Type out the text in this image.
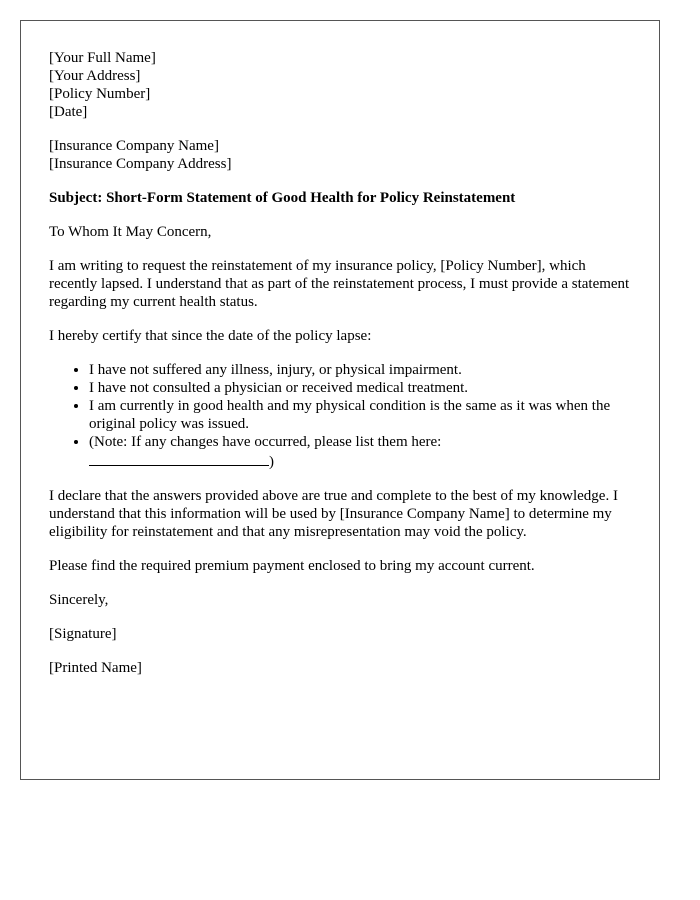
[Your Full Name]
[Your Address]
[Policy Number]
[Date]
[Insurance Company Name]
[Insurance Company Address]

Subject: Short-Form Statement of Good Health for Policy Reinstatement

To Whom It May Concern,

I am writing to request the reinstatement of my insurance policy, [Policy Number], which recently lapsed. I understand that as part of the reinstatement process, I must provide a statement regarding my current health status.

I hereby certify that since the date of the policy lapse:

• I have not suffered any illness, injury, or physical impairment.
• I have not consulted a physician or received medical treatment.
• I am currently in good health and my physical condition is the same as it was when the original policy was issued.
• (Note: If any changes have occurred, please list them here:
)

I declare that the answers provided above are true and complete to the best of my knowledge. I understand that this information will be used by [Insurance Company Name] to determine my eligibility for reinstatement and that any misrepresentation may void the policy.

Please find the required premium payment enclosed to bring my account current.

Sincerely,

[Signature]

[Printed Name]
